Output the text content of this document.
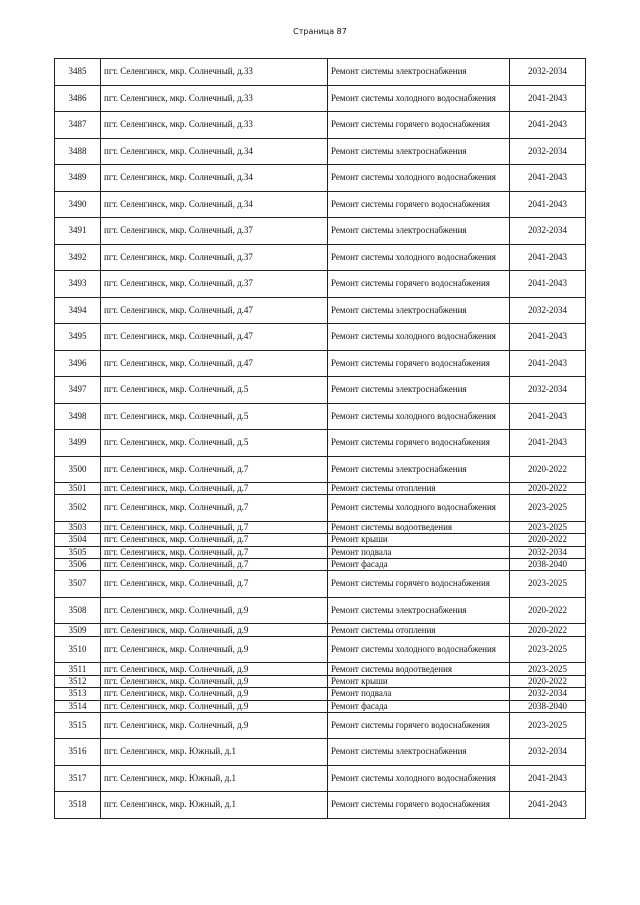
Страница 87
3485	пгт. Селенгинск, мкр. Солнечный, д.33	Ремонт системы электроснабжения	2032-2034
3486	пгт. Селенгинск, мкр. Солнечный, д.33	Ремонт системы холодного водоснабжения	2041-2043
3487	пгт. Селенгинск, мкр. Солнечный, д.33	Ремонт системы горячего водоснабжения	2041-2043
3488	пгт. Селенгинск, мкр. Солнечный, д.34	Ремонт системы электроснабжения	2032-2034
3489	пгт. Селенгинск, мкр. Солнечный, д.34	Ремонт системы холодного водоснабжения	2041-2043
3490	пгт. Селенгинск, мкр. Солнечный, д.34	Ремонт системы горячего водоснабжения	2041-2043
3491	пгт. Селенгинск, мкр. Солнечный, д.37	Ремонт системы электроснабжения	2032-2034
3492	пгт. Селенгинск, мкр. Солнечный, д.37	Ремонт системы холодного водоснабжения	2041-2043
3493	пгт. Селенгинск, мкр. Солнечный, д.37	Ремонт системы горячего водоснабжения	2041-2043
3494	пгт. Селенгинск, мкр. Солнечный, д.47	Ремонт системы электроснабжения	2032-2034
3495	пгт. Селенгинск, мкр. Солнечный, д.47	Ремонт системы холодного водоснабжения	2041-2043
3496	пгт. Селенгинск, мкр. Солнечный, д.47	Ремонт системы горячего водоснабжения	2041-2043
3497	пгт. Селенгинск, мкр. Солнечный, д.5	Ремонт системы электроснабжения	2032-2034
3498	пгт. Селенгинск, мкр. Солнечный, д.5	Ремонт системы холодного водоснабжения	2041-2043
3499	пгт. Селенгинск, мкр. Солнечный, д.5	Ремонт системы горячего водоснабжения	2041-2043
3500	пгт. Селенгинск, мкр. Солнечный, д.7	Ремонт системы электроснабжения	2020-2022
3501	пгт. Селенгинск, мкр. Солнечный, д.7	Ремонт системы отопления	2020-2022
3502	пгт. Селенгинск, мкр. Солнечный, д.7	Ремонт системы холодного водоснабжения	2023-2025
3503	пгт. Селенгинск, мкр. Солнечный, д.7	Ремонт системы водоотведения	2023-2025
3504	пгт. Селенгинск, мкр. Солнечный, д.7	Ремонт крыши	2020-2022
3505	пгт. Селенгинск, мкр. Солнечный, д.7	Ремонт подвала	2032-2034
3506	пгт. Селенгинск, мкр. Солнечный, д.7	Ремонт фасада	2038-2040
3507	пгт. Селенгинск, мкр. Солнечный, д.7	Ремонт системы горячего водоснабжения	2023-2025
3508	пгт. Селенгинск, мкр. Солнечный, д.9	Ремонт системы электроснабжения	2020-2022
3509	пгт. Селенгинск, мкр. Солнечный, д.9	Ремонт системы отопления	2020-2022
3510	пгт. Селенгинск, мкр. Солнечный, д.9	Ремонт системы холодного водоснабжения	2023-2025
3511	пгт. Селенгинск, мкр. Солнечный, д.9	Ремонт системы водоотведения	2023-2025
3512	пгт. Селенгинск, мкр. Солнечный, д.9	Ремонт крыши	2020-2022
3513	пгт. Селенгинск, мкр. Солнечный, д.9	Ремонт подвала	2032-2034
3514	пгт. Селенгинск, мкр. Солнечный, д.9	Ремонт фасада	2038-2040
3515	пгт. Селенгинск, мкр. Солнечный, д.9	Ремонт системы горячего водоснабжения	2023-2025
3516	пгт. Селенгинск, мкр. Южный, д.1	Ремонт системы электроснабжения	2032-2034
3517	пгт. Селенгинск, мкр. Южный, д.1	Ремонт системы холодного водоснабжения	2041-2043
3518	пгт. Селенгинск, мкр. Южный, д.1	Ремонт системы горячего водоснабжения	2041-2043
